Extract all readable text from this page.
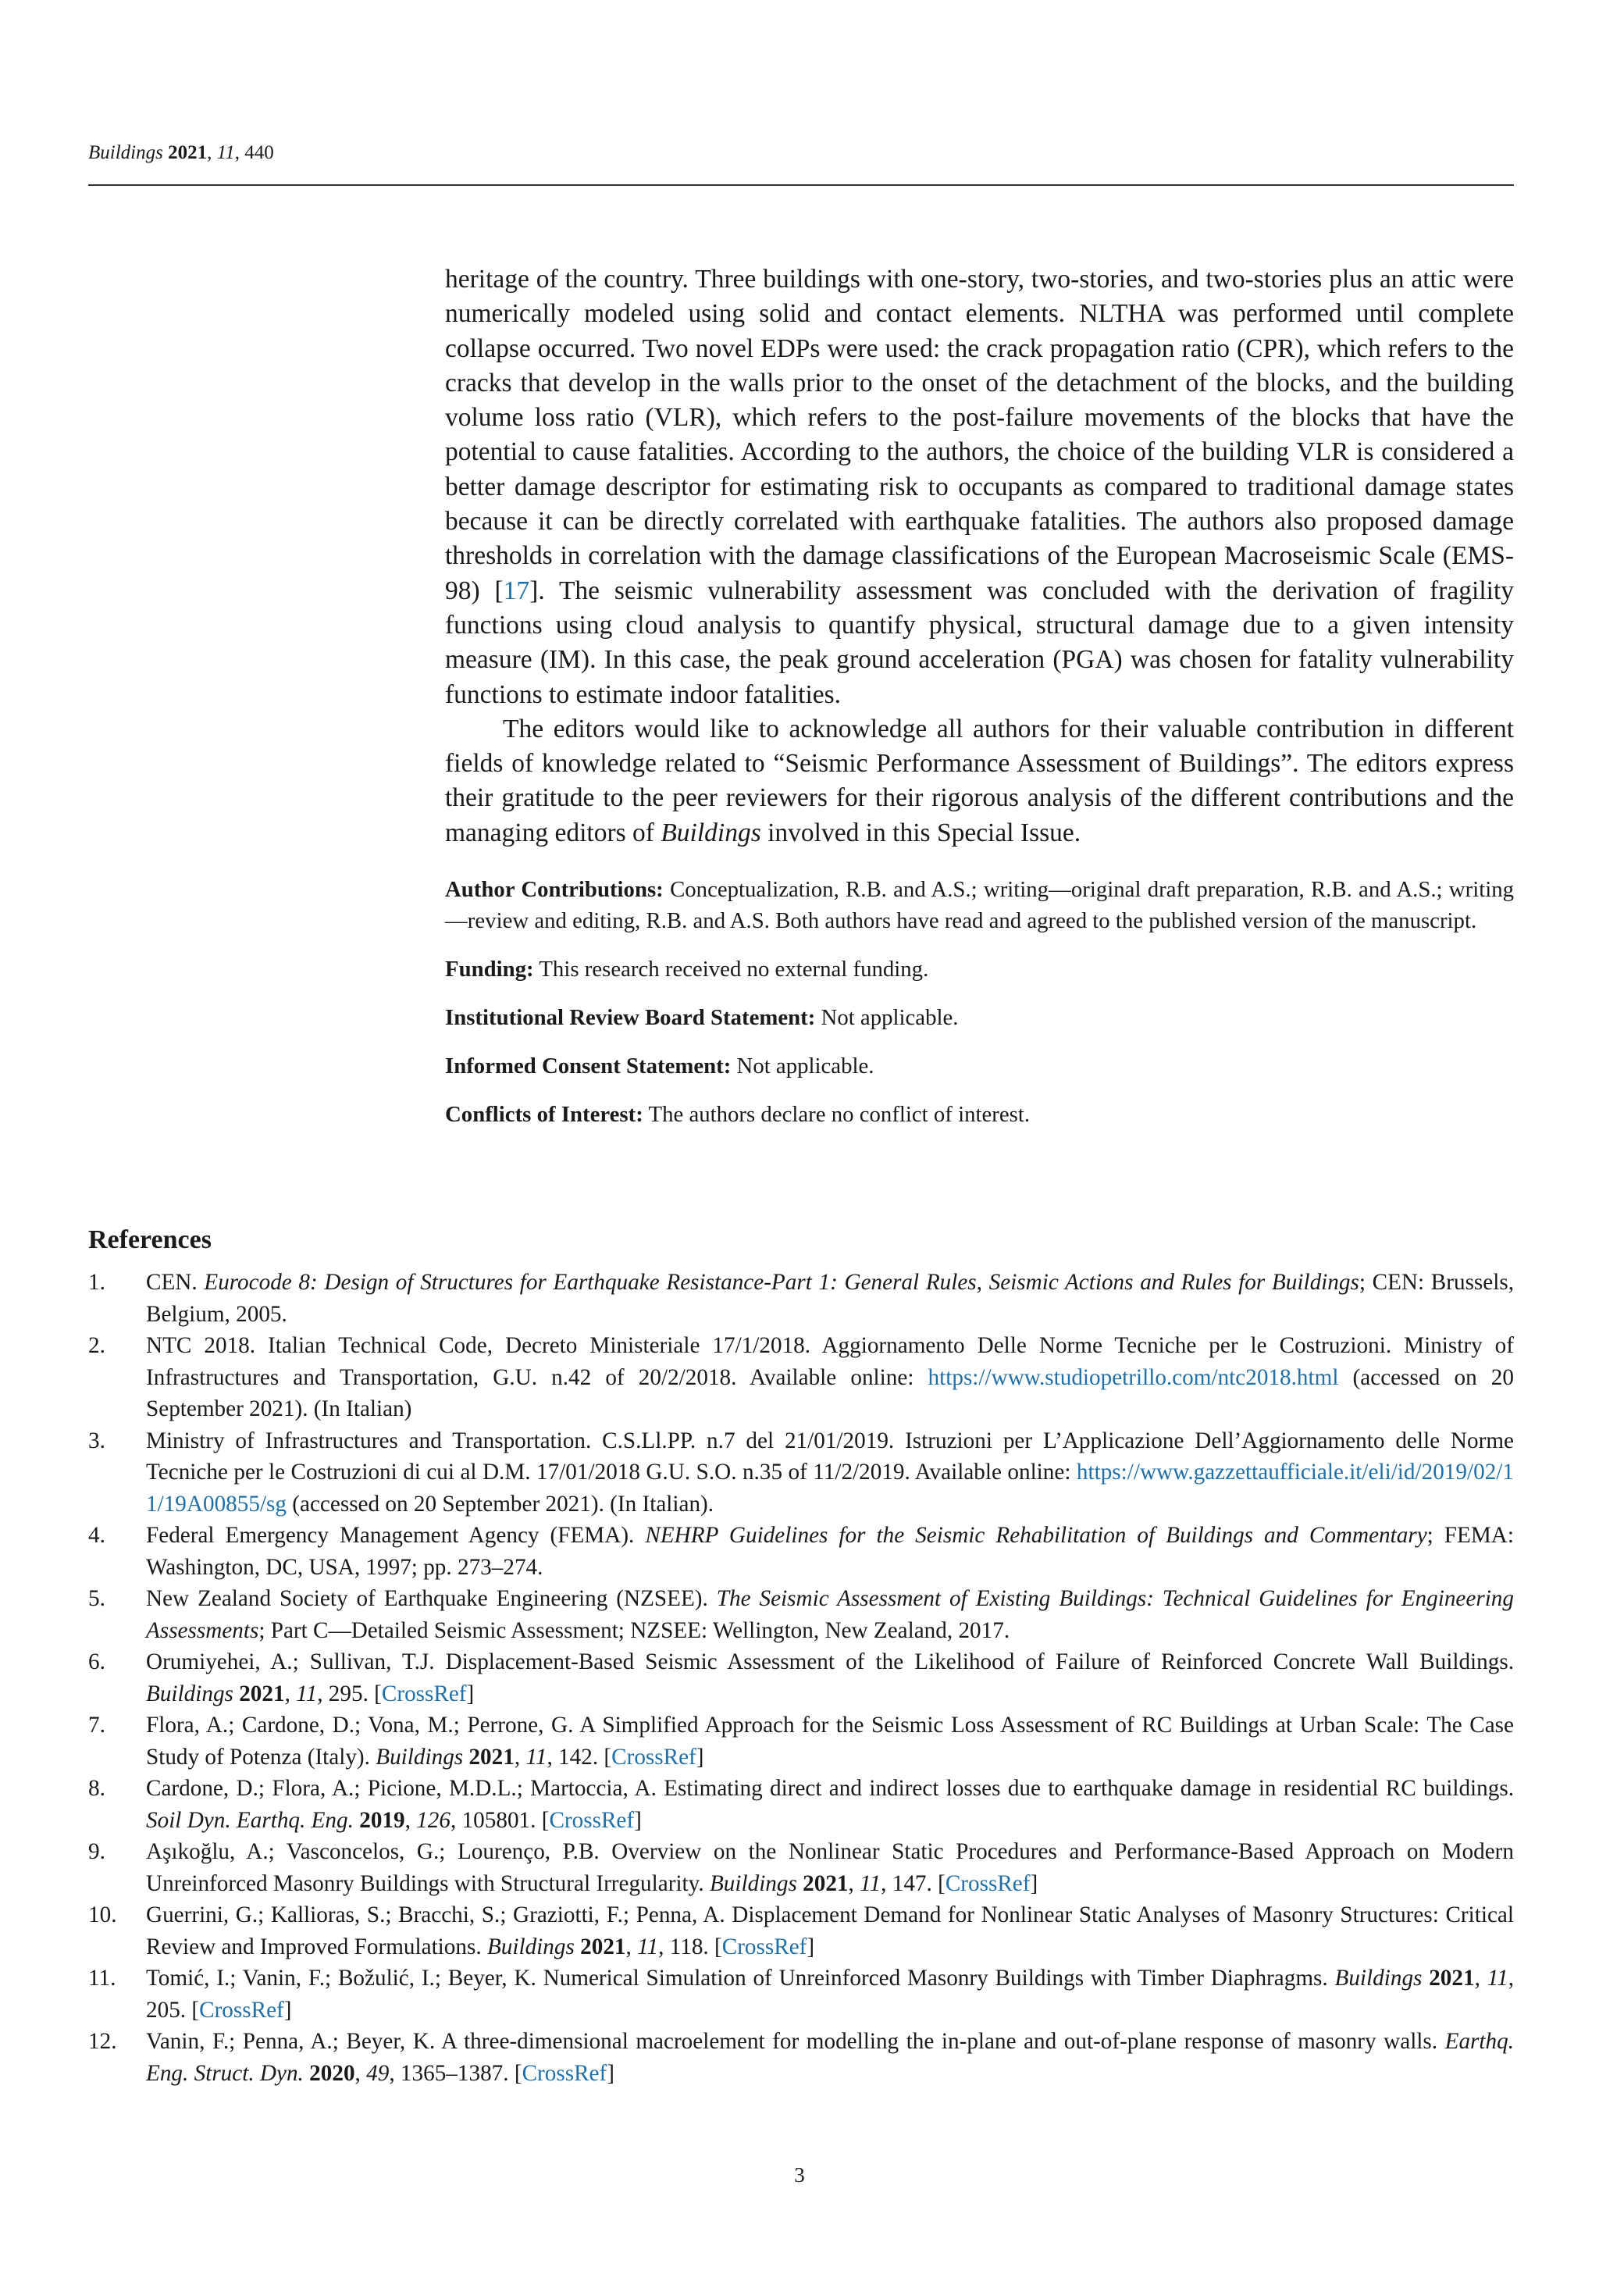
Buildings 2021, 11, 440

heritage of the country. Three buildings with one-story, two-stories, and two-stories plus an attic were numerically modeled using solid and contact elements. NLTHA was performed until complete collapse occurred. Two novel EDPs were used: the crack propagation ratio (CPR), which refers to the cracks that develop in the walls prior to the onset of the detachment of the blocks, and the building volume loss ratio (VLR), which refers to the post-failure movements of the blocks that have the potential to cause fatalities. According to the authors, the choice of the building VLR is considered a better damage descriptor for estimating risk to occupants as compared to traditional damage states because it can be directly correlated with earthquake fatalities. The authors also proposed damage thresholds in correlation with the damage classifications of the European Macroseismic Scale (EMS-98) [17]. The seismic vulnerability assessment was concluded with the derivation of fragility functions using cloud analysis to quantify physical, structural damage due to a given intensity measure (IM). In this case, the peak ground acceleration (PGA) was chosen for fatality vulnerability functions to estimate indoor fatalities.

The editors would like to acknowledge all authors for their valuable contribution in different fields of knowledge related to “Seismic Performance Assessment of Buildings”. The editors express their gratitude to the peer reviewers for their rigorous analysis of the different contributions and the managing editors of Buildings involved in this Special Issue.

Author Contributions: Conceptualization, R.B. and A.S.; writing—original draft preparation, R.B. and A.S.; writing—review and editing, R.B. and A.S. Both authors have read and agreed to the published version of the manuscript.

Funding: This research received no external funding.

Institutional Review Board Statement: Not applicable.

Informed Consent Statement: Not applicable.

Conflicts of Interest: The authors declare no conflict of interest.

References
1. CEN. Eurocode 8: Design of Structures for Earthquake Resistance-Part 1: General Rules, Seismic Actions and Rules for Buildings; CEN: Brussels, Belgium, 2005.
2. NTC 2018. Italian Technical Code, Decreto Ministeriale 17/1/2018. Aggiornamento Delle Norme Tecniche per le Costruzioni. Ministry of Infrastructures and Transportation, G.U. n.42 of 20/2/2018. Available online: https://www.studiopetrillo.com/ntc2018.html (accessed on 20 September 2021). (In Italian)
3. Ministry of Infrastructures and Transportation. C.S.Ll.PP. n.7 del 21/01/2019. Istruzioni per L’Applicazione Dell’Aggiornamento delle Norme Tecniche per le Costruzioni di cui al D.M. 17/01/2018 G.U. S.O. n.35 of 11/2/2019. Available online: https://www.gazzettaufficiale.it/eli/id/2019/02/11/19A00855/sg (accessed on 20 September 2021). (In Italian).
4. Federal Emergency Management Agency (FEMA). NEHRP Guidelines for the Seismic Rehabilitation of Buildings and Commentary; FEMA: Washington, DC, USA, 1997; pp. 273–274.
5. New Zealand Society of Earthquake Engineering (NZSEE). The Seismic Assessment of Existing Buildings: Technical Guidelines for Engineering Assessments; Part C—Detailed Seismic Assessment; NZSEE: Wellington, New Zealand, 2017.
6. Orumiyehei, A.; Sullivan, T.J. Displacement-Based Seismic Assessment of the Likelihood of Failure of Reinforced Concrete Wall Buildings. Buildings 2021, 11, 295. [CrossRef]
7. Flora, A.; Cardone, D.; Vona, M.; Perrone, G. A Simplified Approach for the Seismic Loss Assessment of RC Buildings at Urban Scale: The Case Study of Potenza (Italy). Buildings 2021, 11, 142. [CrossRef]
8. Cardone, D.; Flora, A.; Picione, M.D.L.; Martoccia, A. Estimating direct and indirect losses due to earthquake damage in residential RC buildings. Soil Dyn. Earthq. Eng. 2019, 126, 105801. [CrossRef]
9. Aşıkoğlu, A.; Vasconcelos, G.; Lourenço, P.B. Overview on the Nonlinear Static Procedures and Performance-Based Approach on Modern Unreinforced Masonry Buildings with Structural Irregularity. Buildings 2021, 11, 147. [CrossRef]
10. Guerrini, G.; Kallioras, S.; Bracchi, S.; Graziotti, F.; Penna, A. Displacement Demand for Nonlinear Static Analyses of Masonry Structures: Critical Review and Improved Formulations. Buildings 2021, 11, 118. [CrossRef]
11. Tomić, I.; Vanin, F.; Božulić, I.; Beyer, K. Numerical Simulation of Unreinforced Masonry Buildings with Timber Diaphragms. Buildings 2021, 11, 205. [CrossRef]
12. Vanin, F.; Penna, A.; Beyer, K. A three-dimensional macroelement for modelling the in-plane and out-of-plane response of masonry walls. Earthq. Eng. Struct. Dyn. 2020, 49, 1365–1387. [CrossRef]
3
